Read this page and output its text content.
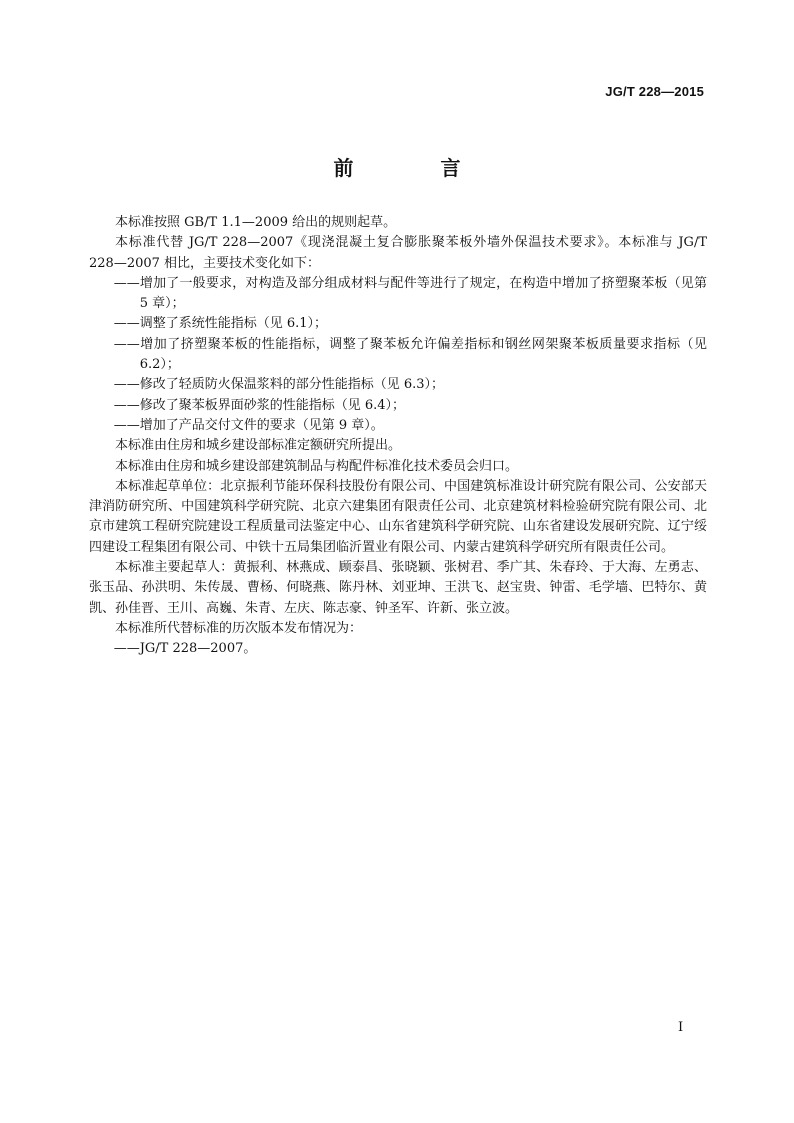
JG/T 228—2015
前 言

本标准按照 GB/T 1.1—2009 给出的规则起草。

本标准代替 JG/T 228—2007《现浇混凝土复合膨胀聚苯板外墙外保温技术要求》。本标准与 JG/T 228—2007 相比，主要技术变化如下：

——增加了一般要求，对构造及部分组成材料与配件等进行了规定，在构造中增加了挤塑聚苯板（见第 5 章）；

——调整了系统性能指标（见 6.1）；

——增加了挤塑聚苯板的性能指标，调整了聚苯板允许偏差指标和钢丝网架聚苯板质量要求指标（见 6.2）；

——修改了轻质防火保温浆料的部分性能指标（见 6.3）；

——修改了聚苯板界面砂浆的性能指标（见 6.4）；

——增加了产品交付文件的要求（见第 9 章）。

本标准由住房和城乡建设部标准定额研究所提出。

本标准由住房和城乡建设部建筑制品与构配件标准化技术委员会归口。

本标准起草单位：北京振利节能环保科技股份有限公司、中国建筑标准设计研究院有限公司、公安部天津消防研究所、中国建筑科学研究院、北京六建集团有限责任公司、北京建筑材料检验研究院有限公司、北京市建筑工程研究院建设工程质量司法鉴定中心、山东省建筑科学研究院、山东省建设发展研究院、辽宁绥四建设工程集团有限公司、中铁十五局集团临沂置业有限公司、内蒙古建筑科学研究所有限责任公司。

本标准主要起草人：黄振利、林燕成、顾泰昌、张晓颖、张树君、季广其、朱春玲、于大海、左勇志、张玉品、孙洪明、朱传晟、曹杨、何晓燕、陈丹林、刘亚坤、王洪飞、赵宝贵、钟雷、毛学墙、巴特尔、黄凯、孙佳晋、王川、高巍、朱青、左庆、陈志豪、钟圣军、许新、张立波。

本标准所代替标准的历次版本发布情况为：

——JG/T 228—2007。

I
